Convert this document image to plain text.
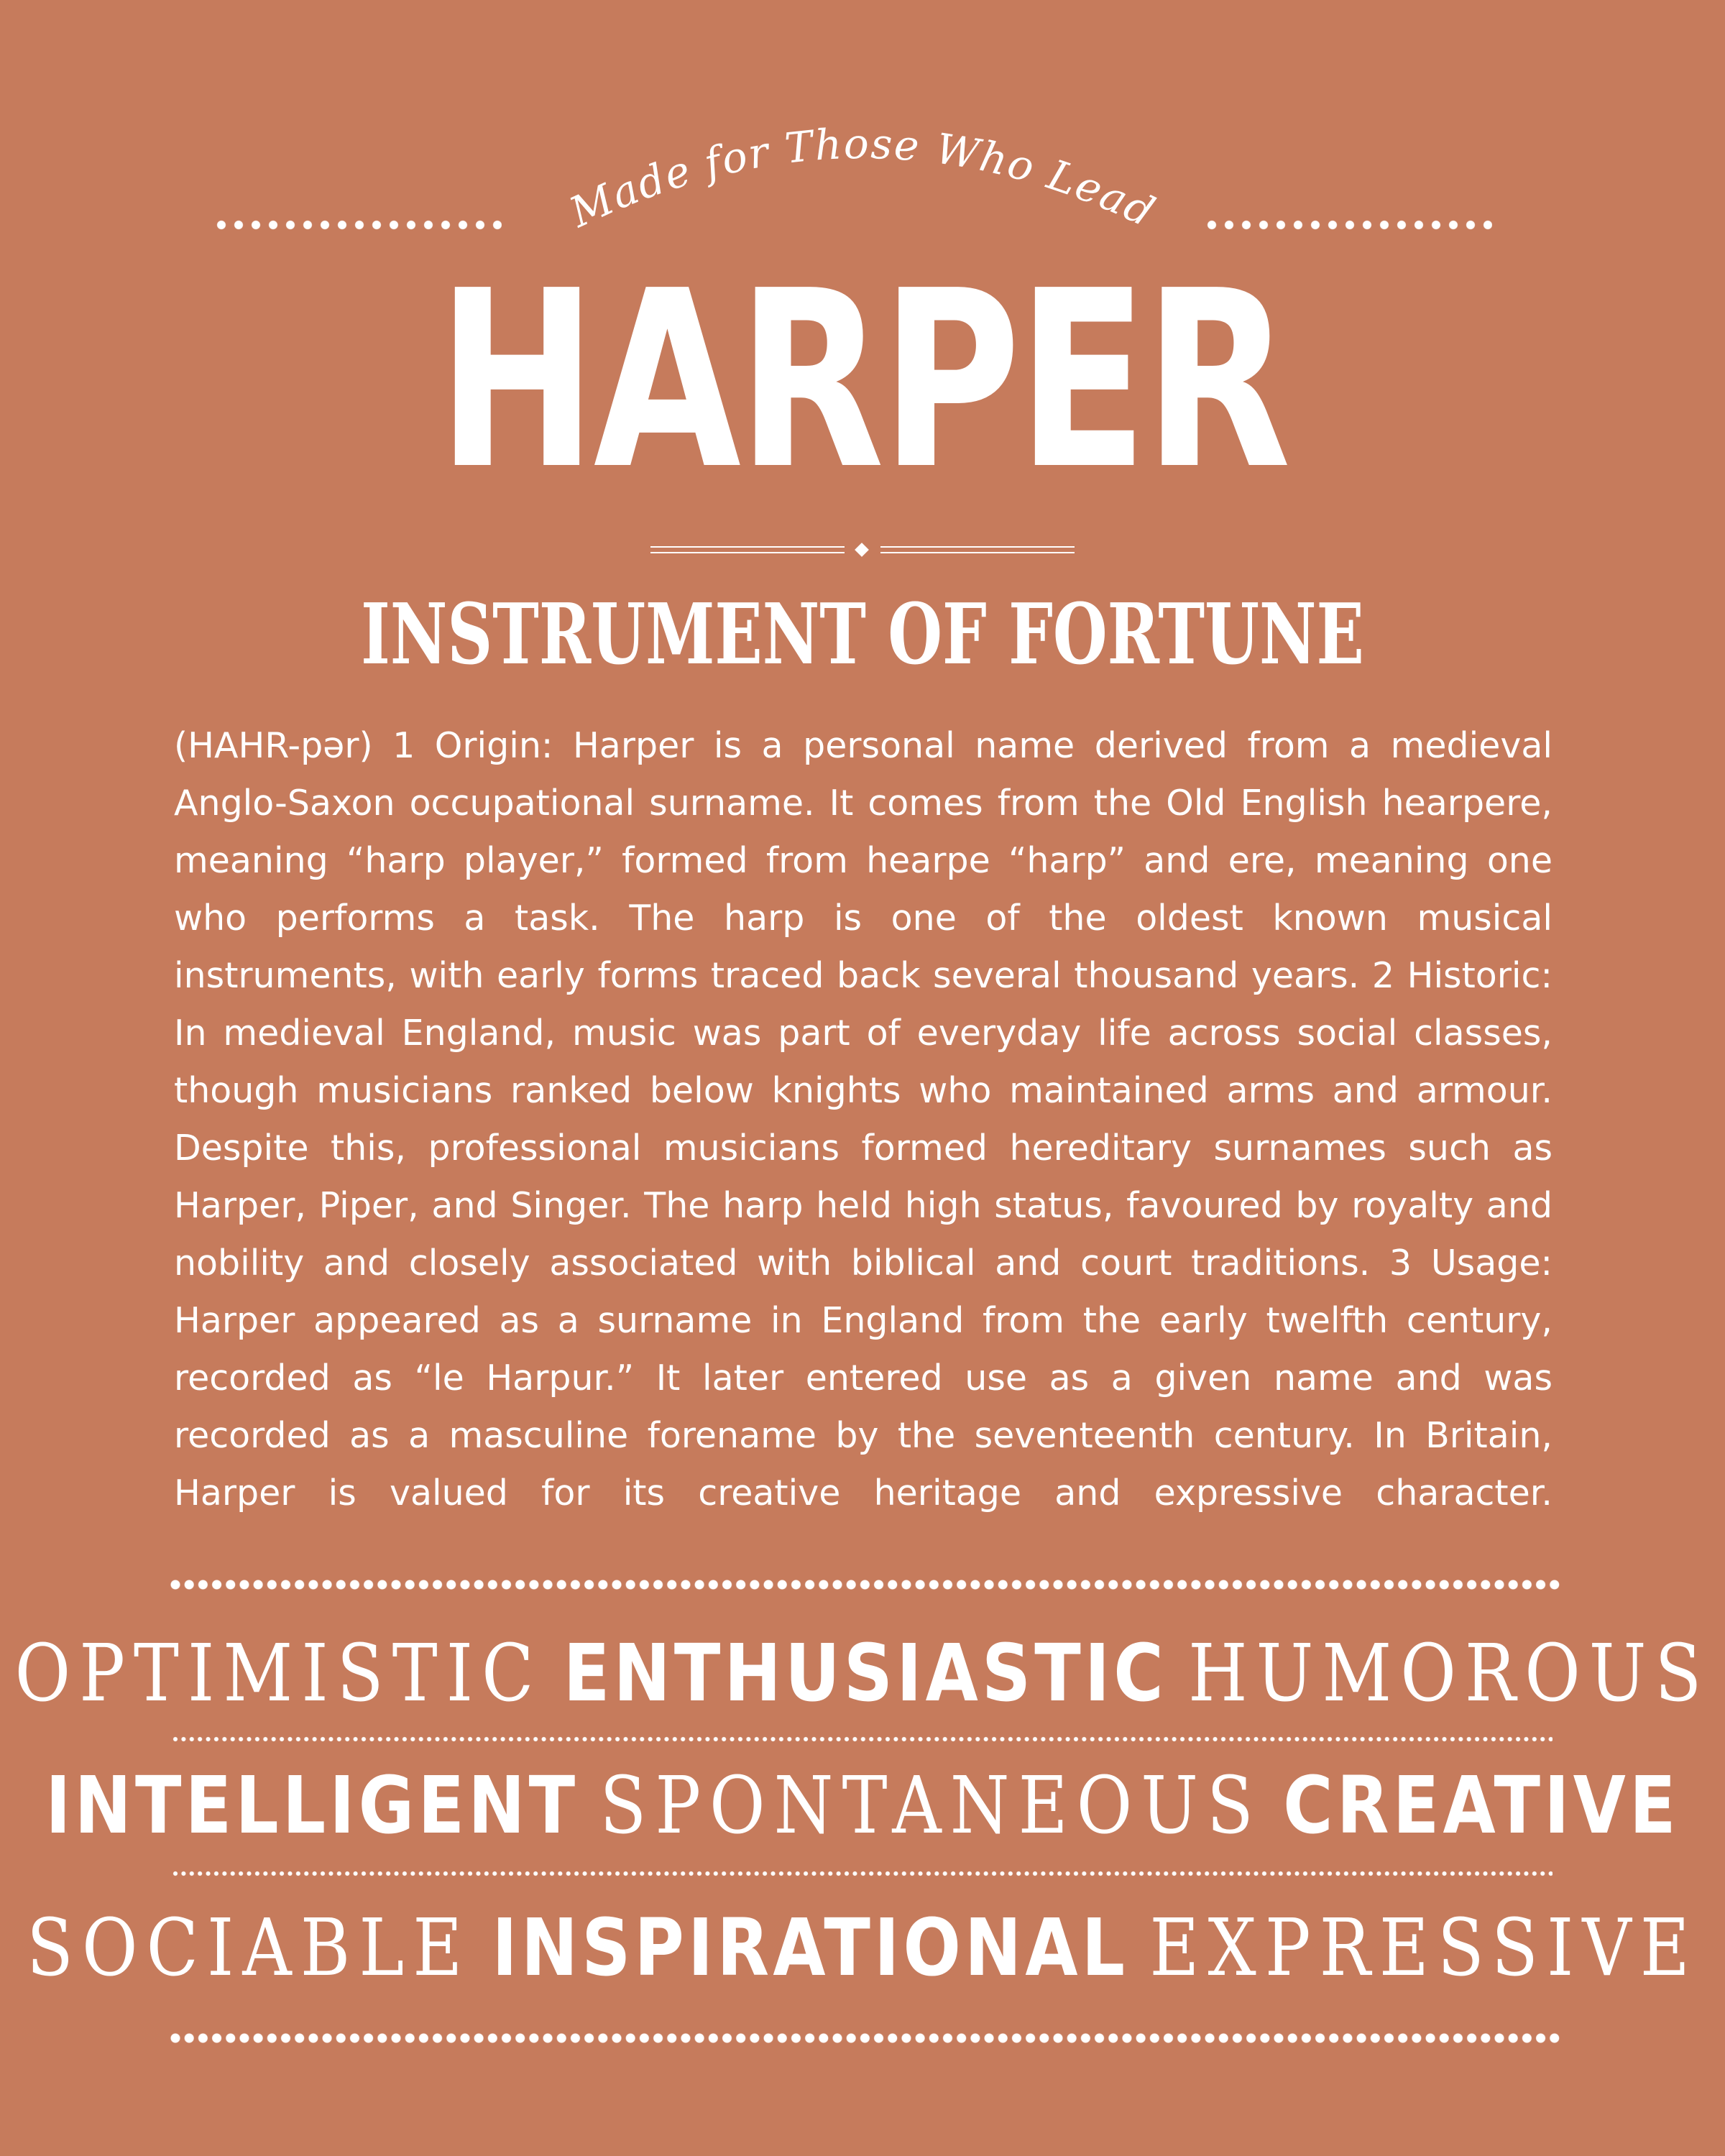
Made for Those Who Lead
HARPER
INSTRUMENT OF FORTUNE

(HAHR-pər) 1 Origin: Harper is a personal name derived from a medieval Anglo-Saxon occupational surname. It comes from the Old English hearpere, meaning “harp player,” formed from hearpe “harp” and ere, meaning one who performs a task. The harp is one of the oldest known musical instruments, with early forms traced back several thousand years. 2 Historic: In medieval England, music was part of everyday life across social classes, though musicians ranked below knights who maintained arms and armour. Despite this, professional musicians formed hereditary surnames such as Harper, Piper, and Singer. The harp held high status, favoured by royalty and nobility and closely associated with biblical and court traditions. 3 Usage: Harper appeared as a surname in England from the early twelfth century, recorded as “le Harpur.” It later entered use as a given name and was recorded as a masculine forename by the seventeenth century. In Britain, Harper is valued for its creative heritage and expressive character.

OPTIMISTIC ENTHUSIASTIC HUMOROUS
INTELLIGENT SPONTANEOUS CREATIVE
SOCIABLE INSPIRATIONAL EXPRESSIVE
